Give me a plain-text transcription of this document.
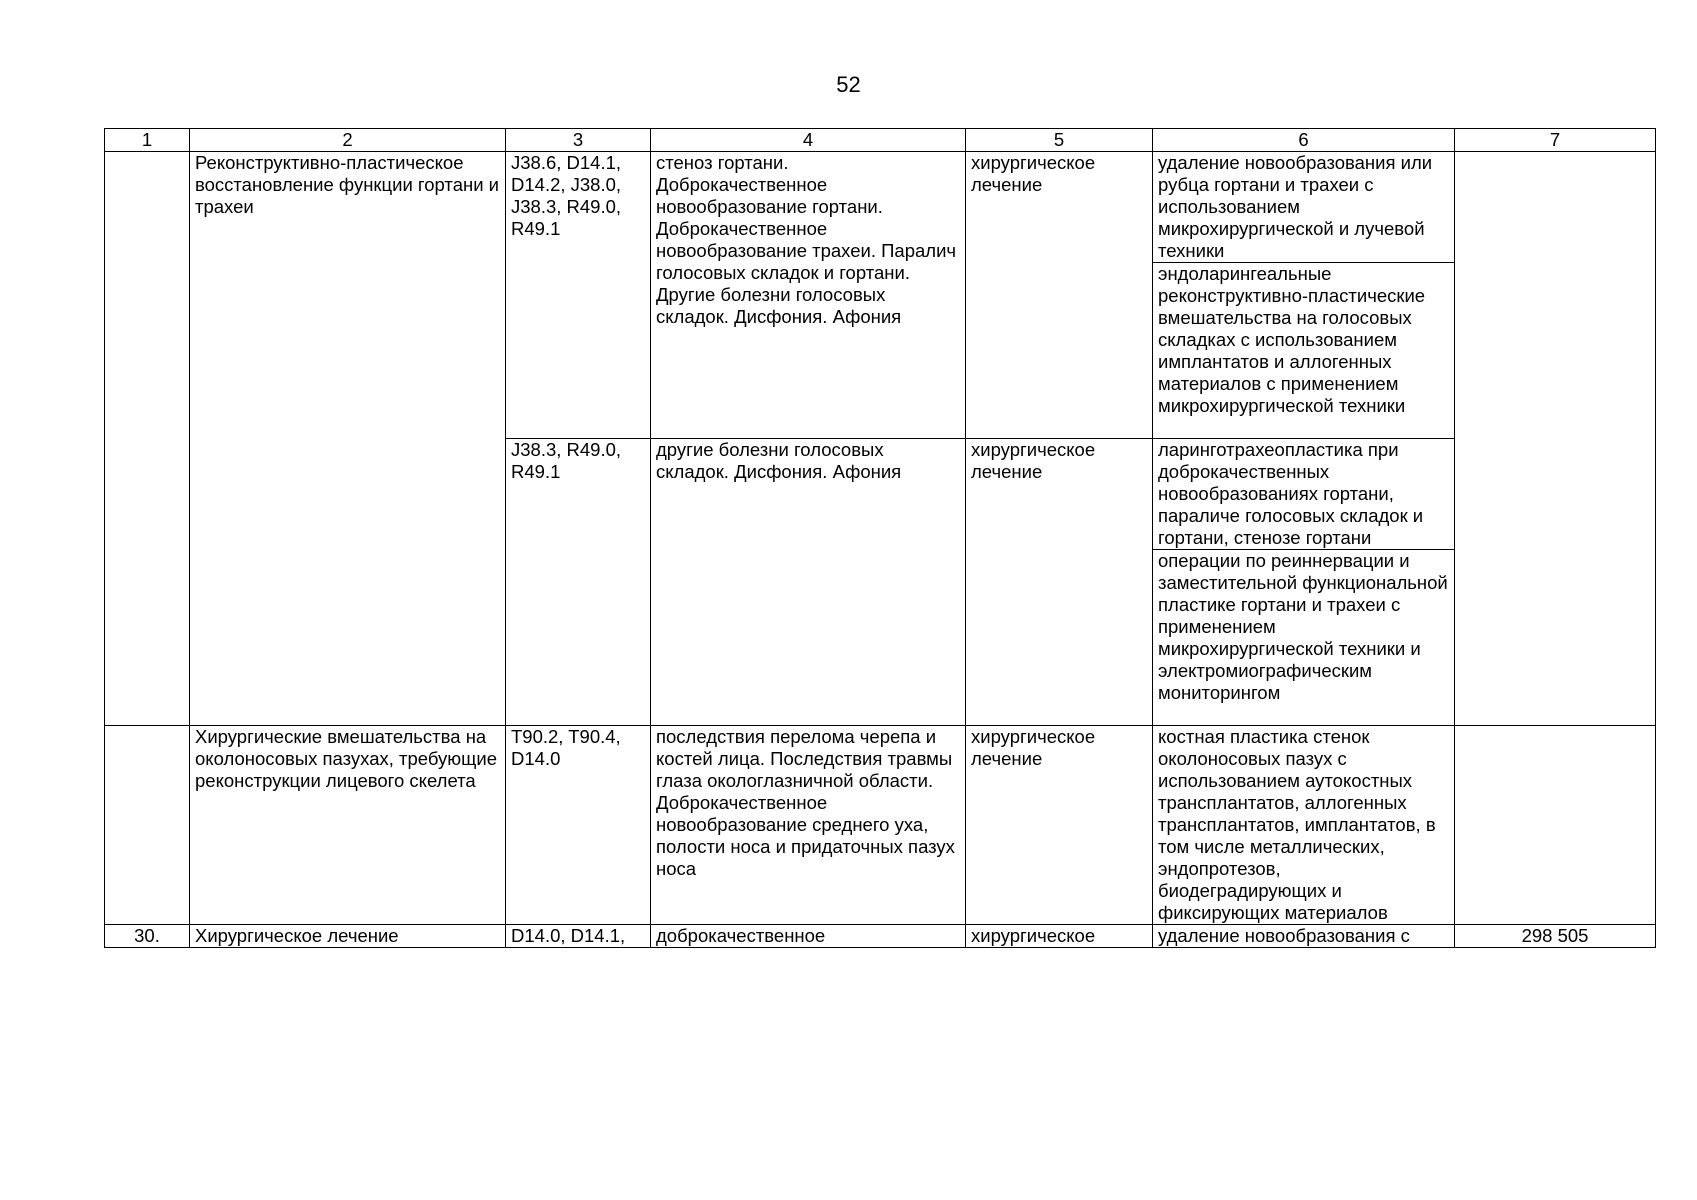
52
1	2	3	4	5	6	7
	Реконструктивно-пластическое восстановление функции гортани и трахеи	J38.6, D14.1, D14.2, J38.0, J38.3, R49.0, R49.1	стеноз гортани. Доброкачественное новообразование гортани. Доброкачественное новообразование трахеи. Паралич голосовых складок и гортани. Другие болезни голосовых складок. Дисфония. Афония	хирургическое лечение	удаление новообразования или рубца гортани и трахеи с использованием микрохирургической и лучевой техники	
					эндоларингеальные реконструктивно-пластические вмешательства на голосовых складках с использованием имплантатов и аллогенных материалов с применением микрохирургической техники	
		J38.3, R49.0, R49.1	другие болезни голосовых складок. Дисфония. Афония	хирургическое лечение	ларинготрахеопластика при доброкачественных новообразованиях гортани, параличе голосовых складок и гортани, стенозе гортани	
					операции по реиннервации и заместительной функциональной пластике гортани и трахеи с применением микрохирургической техники и электромиографическим мониторингом	
	Хирургические вмешательства на околоносовых пазухах, требующие реконструкции лицевого скелета	T90.2, T90.4, D14.0	последствия перелома черепа и костей лица. Последствия травмы глаза окологлазничной области. Доброкачественное новообразование среднего уха, полости носа и придаточных пазух носа	хирургическое лечение	костная пластика стенок околоносовых пазух с использованием аутокостных трансплантатов, аллогенных трансплантатов, имплантатов, в том числе металлических, эндопротезов, биодеградирующих и фиксирующих материалов	
30.	Хирургическое лечение	D14.0, D14.1,	доброкачественное	хирургическое	удаление новообразования с	298 505
